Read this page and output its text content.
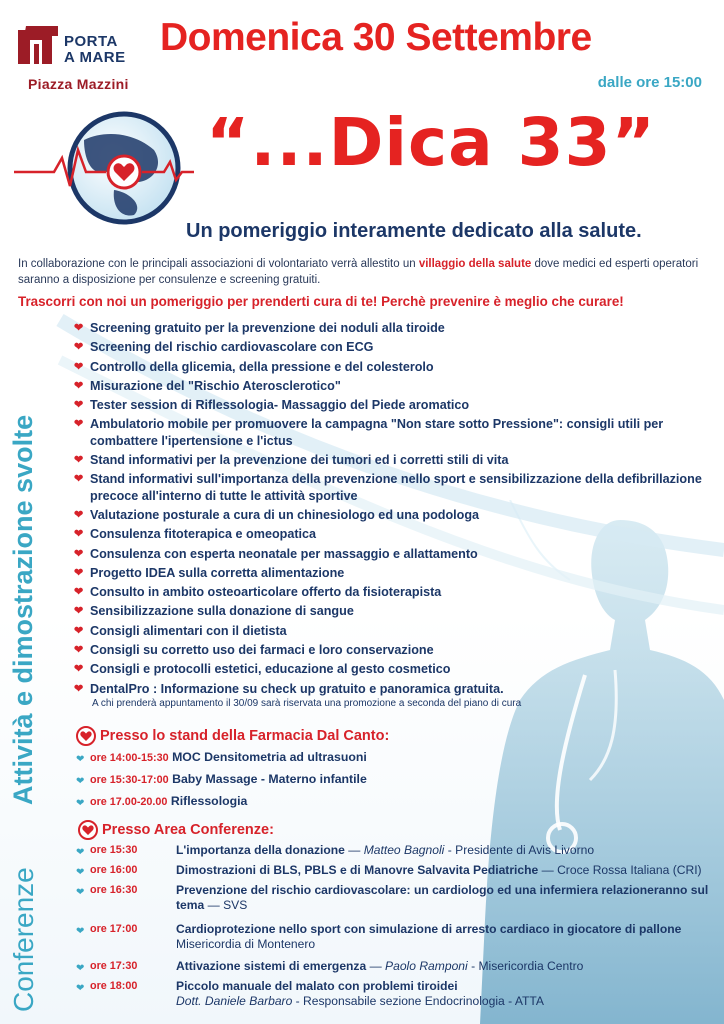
PORTA
A MARE
Piazza Mazzini
Domenica 30 Settembre
dalle ore 15:00
“...Dica 33”
Un pomeriggio interamente dedicato alla salute.
In collaborazione con le principali associazioni di volontariato verrà allestito un villaggio della salute dove medici ed esperti operatori saranno a disposizione per consulenze e screening gratuiti.
Trascorri con noi un pomeriggio per prenderti cura di te! Perchè prevenire è meglio che curare!
Conferenze
Attività e dimostrazione svolte
❤ Screening gratuito per la prevenzione dei noduli alla tiroide
❤ Screening del rischio cardiovascolare con ECG
❤ Controllo della glicemia, della pressione e del colesterolo
❤ Misurazione del "Rischio Aterosclerotico"
❤ Tester session di Riflessologia- Massaggio del Piede aromatico
❤ Ambulatorio mobile per promuovere la campagna "Non stare sotto Pressione": consigli utili per combattere l'ipertensione e l'ictus
❤ Stand informativi per la prevenzione dei tumori ed i corretti stili di vita
❤ Stand informativi sull'importanza della prevenzione nello sport e sensibilizzazione della defibrillazione precoce all'interno di tutte le attività sportive
❤ Valutazione posturale a cura di un chinesiologo ed una podologa
❤ Consulenza fitoterapica e omeopatica
❤ Consulenza con esperta neonatale per massaggio e allattamento
❤ Progetto IDEA sulla corretta alimentazione
❤ Consulto in ambito osteoarticolare offerto da fisioterapista
❤ Sensibilizzazione sulla donazione di sangue
❤ Consigli alimentari con il dietista
❤ Consigli su corretto uso dei farmaci e loro conservazione
❤ Consigli e protocolli estetici, educazione al gesto cosmetico
❤ DentalPro : Informazione su check up gratuito e panoramica gratuita.
A chi prenderà appuntamento il 30/09 sarà riservata una promozione a seconda del piano di cura
Presso lo stand della Farmacia Dal Canto:
❤ ore 14:00-15:30 MOC Densitometria ad ultrasuoni
❤ ore 15:30-17:00 Baby Massage - Materno infantile
❤ ore 17.00-20.00 Riflessologia
Presso Area Conferenze:
❤ ore 15:30	L'importanza della donazione — Matteo Bagnoli - Presidente di Avis Livorno
❤ ore 16:00	Dimostrazioni di BLS, PBLS e di Manovre Salvavita Pediatriche — Croce Rossa Italiana (CRI)
❤ ore 16:30	Prevenzione del rischio cardiovascolare: un cardiologo ed una infermiera relazioneranno sul tema — SVS
❤ ore 17:00	Cardioprotezione nello sport con simulazione di arresto cardiaco in giocatore di pallone
Misericordia di Montenero
❤ ore 17:30	Attivazione sistemi di emergenza — Paolo Ramponi - Misericordia Centro
❤ ore 18:00	Piccolo manuale del malato con problemi tiroidei
Dott. Daniele Barbaro - Responsabile sezione Endocrinologia - ATTA
